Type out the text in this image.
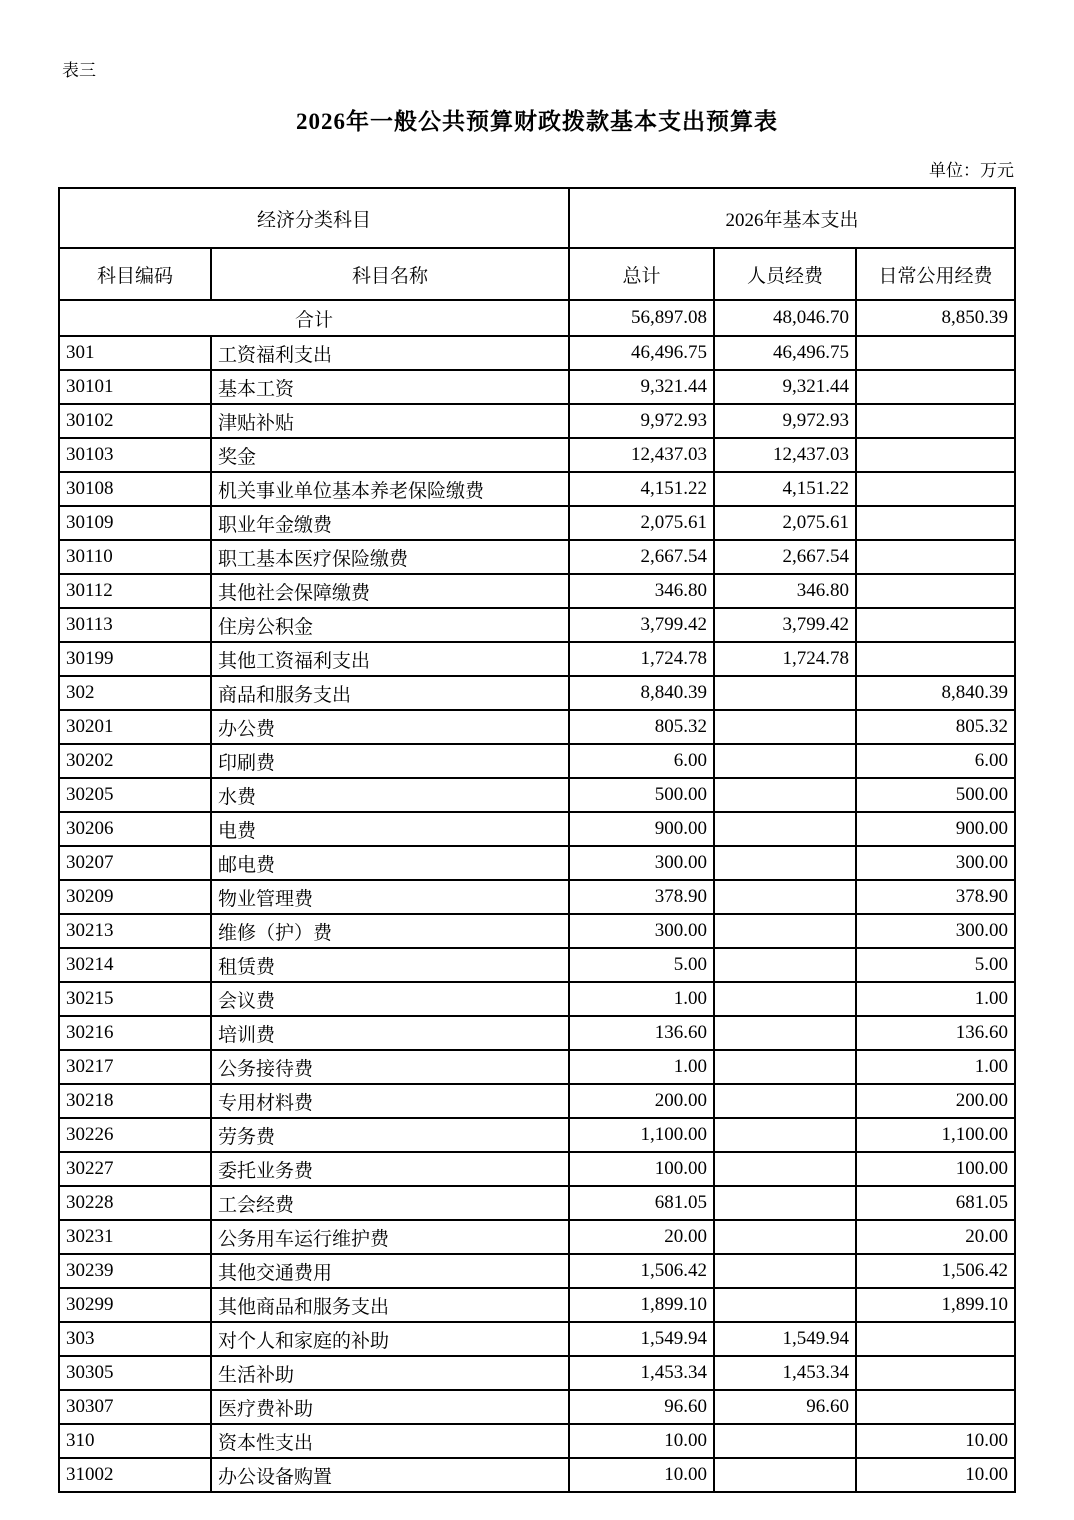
表三
2026年一般公共预算财政拨款基本支出预算表
单位：万元
经济分类科目		2026年基本支出		
科目编码	科目名称	总计	人员经费	日常公用经费
合计		56,897.08	48,046.70	8,850.39
301	工资福利支出	46,496.75	46,496.75	
30101	基本工资	9,321.44	9,321.44	
30102	津贴补贴	9,972.93	9,972.93	
30103	奖金	12,437.03	12,437.03	
30108	机关事业单位基本养老保险缴费	4,151.22	4,151.22	
30109	职业年金缴费	2,075.61	2,075.61	
30110	职工基本医疗保险缴费	2,667.54	2,667.54	
30112	其他社会保障缴费	346.80	346.80	
30113	住房公积金	3,799.42	3,799.42	
30199	其他工资福利支出	1,724.78	1,724.78	
302	商品和服务支出	8,840.39		8,840.39
30201	办公费	805.32		805.32
30202	印刷费	6.00		6.00
30205	水费	500.00		500.00
30206	电费	900.00		900.00
30207	邮电费	300.00		300.00
30209	物业管理费	378.90		378.90
30213	维修（护）费	300.00		300.00
30214	租赁费	5.00		5.00
30215	会议费	1.00		1.00
30216	培训费	136.60		136.60
30217	公务接待费	1.00		1.00
30218	专用材料费	200.00		200.00
30226	劳务费	1,100.00		1,100.00
30227	委托业务费	100.00		100.00
30228	工会经费	681.05		681.05
30231	公务用车运行维护费	20.00		20.00
30239	其他交通费用	1,506.42		1,506.42
30299	其他商品和服务支出	1,899.10		1,899.10
303	对个人和家庭的补助	1,549.94	1,549.94	
30305	生活补助	1,453.34	1,453.34	
30307	医疗费补助	96.60	96.60	
310	资本性支出	10.00		10.00
31002	办公设备购置	10.00		10.00
